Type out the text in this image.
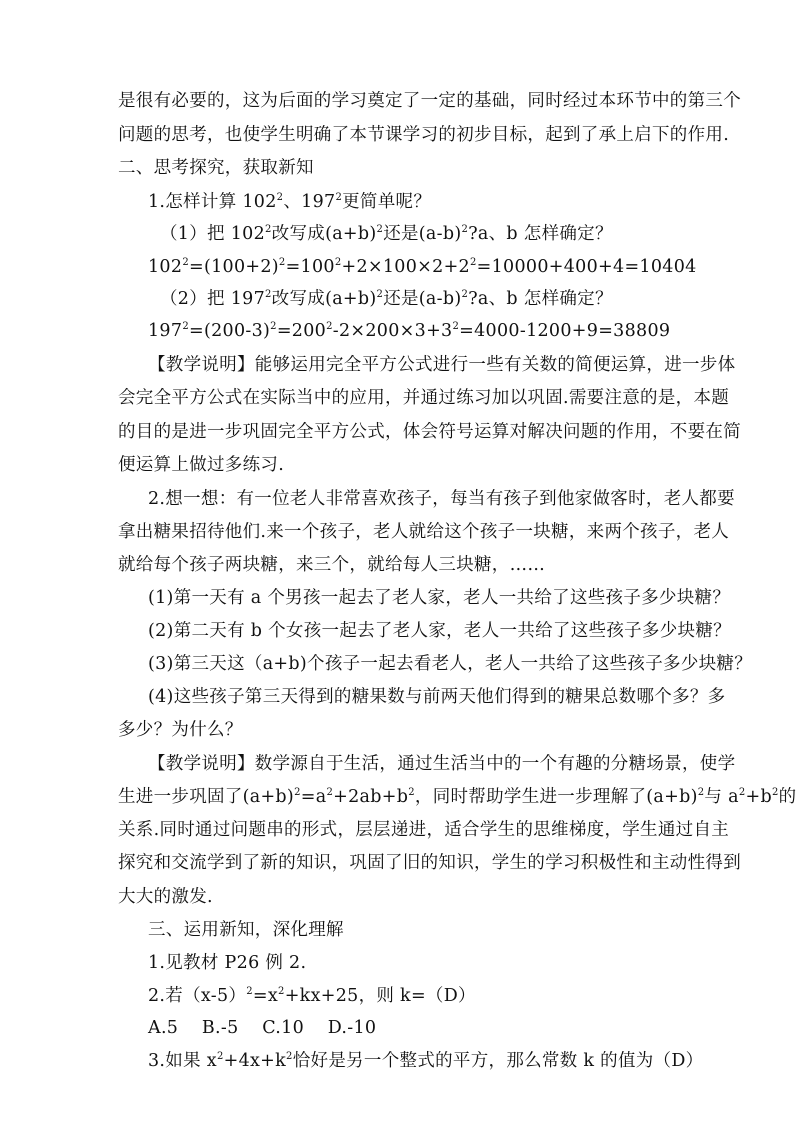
是很有必要的，这为后面的学习奠定了一定的基础，同时经过本环节中的第三个
问题的思考，也使学生明确了本节课学习的初步目标，起到了承上启下的作用.
二、思考探究，获取新知
1.怎样计算 $102^2$、$197^2$更简单呢？
（1）把 $102^2$改写成$(a+b)^2$还是$(a-b)^2?a$、b 怎样确定？
$102^2=(100+2)^2=100^2+2\times 100\times 2+2^2=10000+400+4=10404$
（2）把 $197^2$改写成$(a+b)^2$还是$(a-b)^2?a$、b 怎样确定？
$197^2=(200-3)^2=200^2-2\times 200\times 3+3^2=4000-1200+9=38809$
【教学说明】能够运用完全平方公式进行一些有关数的简便运算，进一步体
会完全平方公式在实际当中的应用，并通过练习加以巩固.需要注意的是，本题
的目的是进一步巩固完全平方公式，体会符号运算对解决问题的作用，不要在简
便运算上做过多练习.
2.想一想：有一位老人非常喜欢孩子，每当有孩子到他家做客时，老人都要
拿出糖果招待他们.来一个孩子，老人就给这个孩子一块糖，来两个孩子，老人
就给每个孩子两块糖，来三个，就给每人三块糖，……
(1)第一天有 a 个男孩一起去了老人家，老人一共给了这些孩子多少块糖？
(2)第二天有 b 个女孩一起去了老人家，老人一共给了这些孩子多少块糖？
(3)第三天这（a+b)个孩子一起去看老人，老人一共给了这些孩子多少块糖？
(4)这些孩子第三天得到的糖果数与前两天他们得到的糖果总数哪个多？多
多少？为什么？
【教学说明】数学源自于生活，通过生活当中的一个有趣的分糖场景，使学
生进一步巩固了$(a+b)^2=a^2+2ab+b^2$，同时帮助学生进一步理解了$(a+b)^2$与 $a^2+b^2$的
关系.同时通过问题串的形式，层层递进，适合学生的思维梯度，学生通过自主
探究和交流学到了新的知识，巩固了旧的知识，学生的学习积极性和主动性得到
大大的激发.
三、运用新知，深化理解
1.见教材 P26 例 2.
2.若$(x-5)^2=x^2+kx+25$，则 k=（D）
A.5　 B.-5　 C.10　 D.-10
3.如果 $x^2+4x+k^2$恰好是另一个整式的平方，那么常数 k 的值为（D）
